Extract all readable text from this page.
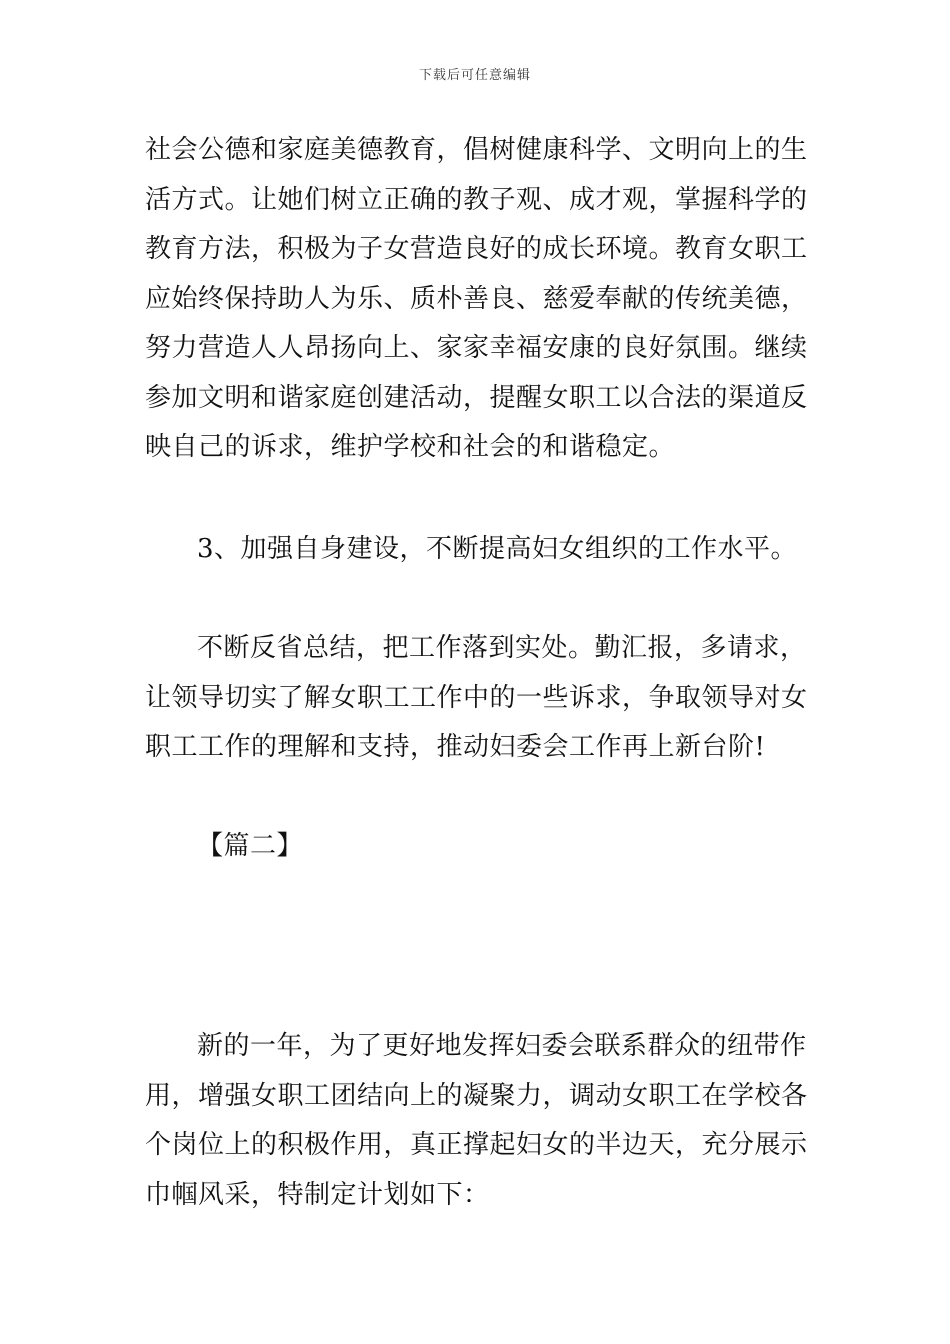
下载后可任意编辑
社会公德和家庭美德教育，倡树健康科学、文明向上的生
活方式。让她们树立正确的教子观、成才观，掌握科学的
教育方法，积极为子女营造良好的成长环境。教育女职工
应始终保持助人为乐、质朴善良、慈爱奉献的传统美德，
努力营造人人昂扬向上、家家幸福安康的良好氛围。继续
参加文明和谐家庭创建活动，提醒女职工以合法的渠道反
映自己的诉求，维护学校和社会的和谐稳定。
3、加强自身建设，不断提高妇女组织的工作水平。
不断反省总结，把工作落到实处。勤汇报，多请求，
让领导切实了解女职工工作中的一些诉求，争取领导对女
职工工作的理解和支持，推动妇委会工作再上新台阶!
【篇二】
新的一年，为了更好地发挥妇委会联系群众的纽带作
用，增强女职工团结向上的凝聚力，调动女职工在学校各
个岗位上的积极作用，真正撑起妇女的半边天，充分展示
巾帼风采，特制定计划如下：
